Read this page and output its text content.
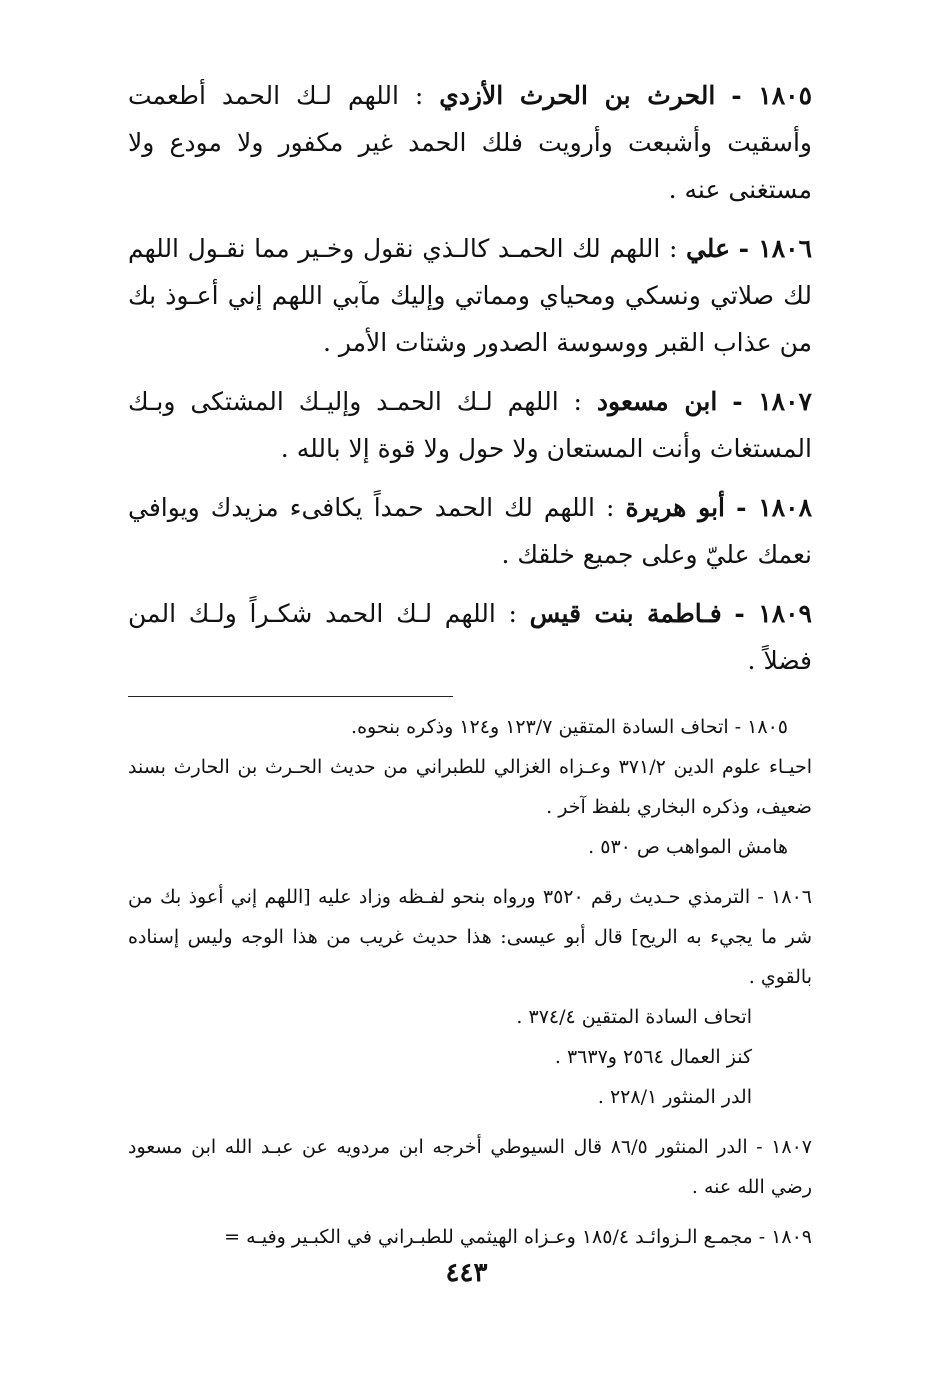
١٨٠٥ - الحرث بن الحرث الأزدي : اللهم لـك الحمد أطعمت وأسقيت وأشبعت وأرويت فلك الحمد غير مكفور ولا مودع ولا مستغنى عنه .

١٨٠٦ - علي : اللهم لك الحمـد كالـذي نقول وخـير مما نقـول اللهم لك صلاتي ونسكي ومحياي ومماتي وإليك مآبي اللهم إني أعـوذ بك من عذاب القبر ووسوسة الصدور وشتات الأمر .

١٨٠٧ - ابن مسعود : اللهم لـك الحمـد وإليـك المشتكى وبـك المستغاث وأنت المستعان ولا حول ولا قوة إلا بالله .

١٨٠٨ - أبو هريرة : اللهم لك الحمد حمداً يكافىء مزيدك ويوافي نعمك عليّ وعلى جميع خلقك .

١٨٠٩ - فـاطمة بنت قيس : اللهم لـك الحمد شكـراً ولـك المن فضلاً .

١٨٠٥ - اتحاف السادة المتقين ١٢٣/٧ و١٢٤ وذكره بنحوه.
احيـاء علوم الدين ٣٧١/٢ وعـزاه الغزالي للطبراني من حديث الحـرث بن الحارث بسند ضعيف، وذكره البخاري بلفظ آخر .
هامش المواهب ص ٥٣٠ .
١٨٠٦ - الترمذي حـديث رقم ٣٥٢٠ ورواه بنحو لفـظه وزاد عليه [اللهم إني أعوذ بك من شر ما يجيء به الريح] قال أبو عيسى: هذا حديث غريب من هذا الوجه وليس إسناده بالقوي .
اتحاف السادة المتقين ٣٧٤/٤ .
كنز العمال ٢٥٦٤ و٣٦٣٧ .
الدر المنثور ٢٢٨/١ .
١٨٠٧ - الدر المنثور ٨٦/٥ قال السيوطي أخرجه ابن مردويه عن عبـد الله ابن مسعود رضي الله عنه .
١٨٠٩ - مجمـع الـزوائـد ١٨٥/٤ وعـزاه الهيثمي للطبـراني في الكبـير وفيـه =
٤٤٣
